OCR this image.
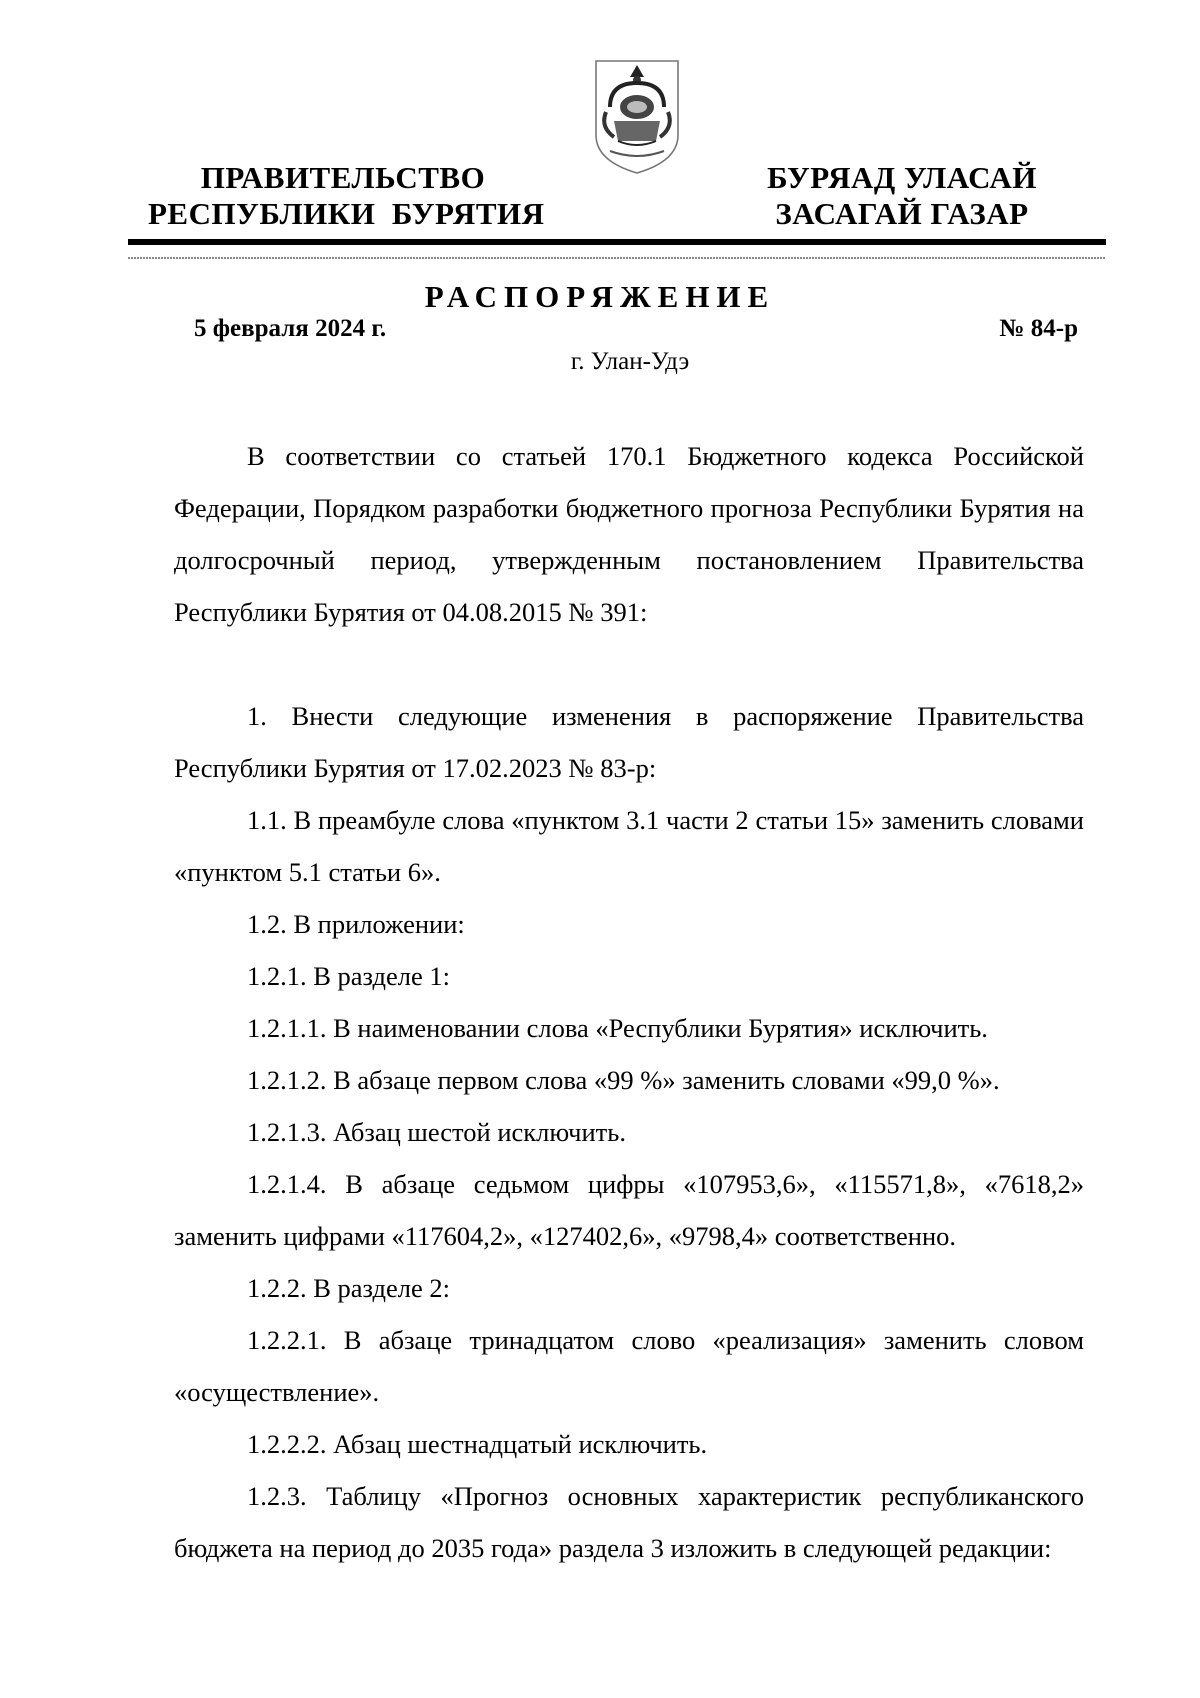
ПРАВИТЕЛЬСТВО
РЕСПУБЛИКИ  БУРЯТИЯ
БУРЯАД УЛАСАЙ
ЗАСАГАЙ ГАЗАР
РАСПОРЯЖЕНИЕ
5 февраля 2024 г.	№ 84-р
г. Улан-Удэ

В соответствии со статьей 170.1 Бюджетного кодекса Российской Федерации, Порядком разработки бюджетного прогноза Республики Бурятия на долгосрочный период, утвержденным постановлением Правительства Республики Бурятия от 04.08.2015 № 391:

1. Внести следующие изменения в распоряжение Правительства Республики Бурятия от 17.02.2023 № 83-р:

1.1. В преамбуле слова «пунктом 3.1 части 2 статьи 15» заменить словами «пунктом 5.1 статьи 6».

1.2. В приложении:

1.2.1. В разделе 1:

1.2.1.1. В наименовании слова «Республики Бурятия» исключить.

1.2.1.2. В абзаце первом слова «99 %» заменить словами «99,0 %».

1.2.1.3. Абзац шестой исключить.

1.2.1.4. В абзаце седьмом цифры «107953,6», «115571,8», «7618,2» заменить цифрами «117604,2», «127402,6», «9798,4» соответственно.

1.2.2. В разделе 2:

1.2.2.1. В абзаце тринадцатом слово «реализация» заменить словом «осуществление».

1.2.2.2. Абзац шестнадцатый исключить.

1.2.3. Таблицу «Прогноз основных характеристик республиканского бюджета на период до 2035 года» раздела 3 изложить в следующей редакции:
